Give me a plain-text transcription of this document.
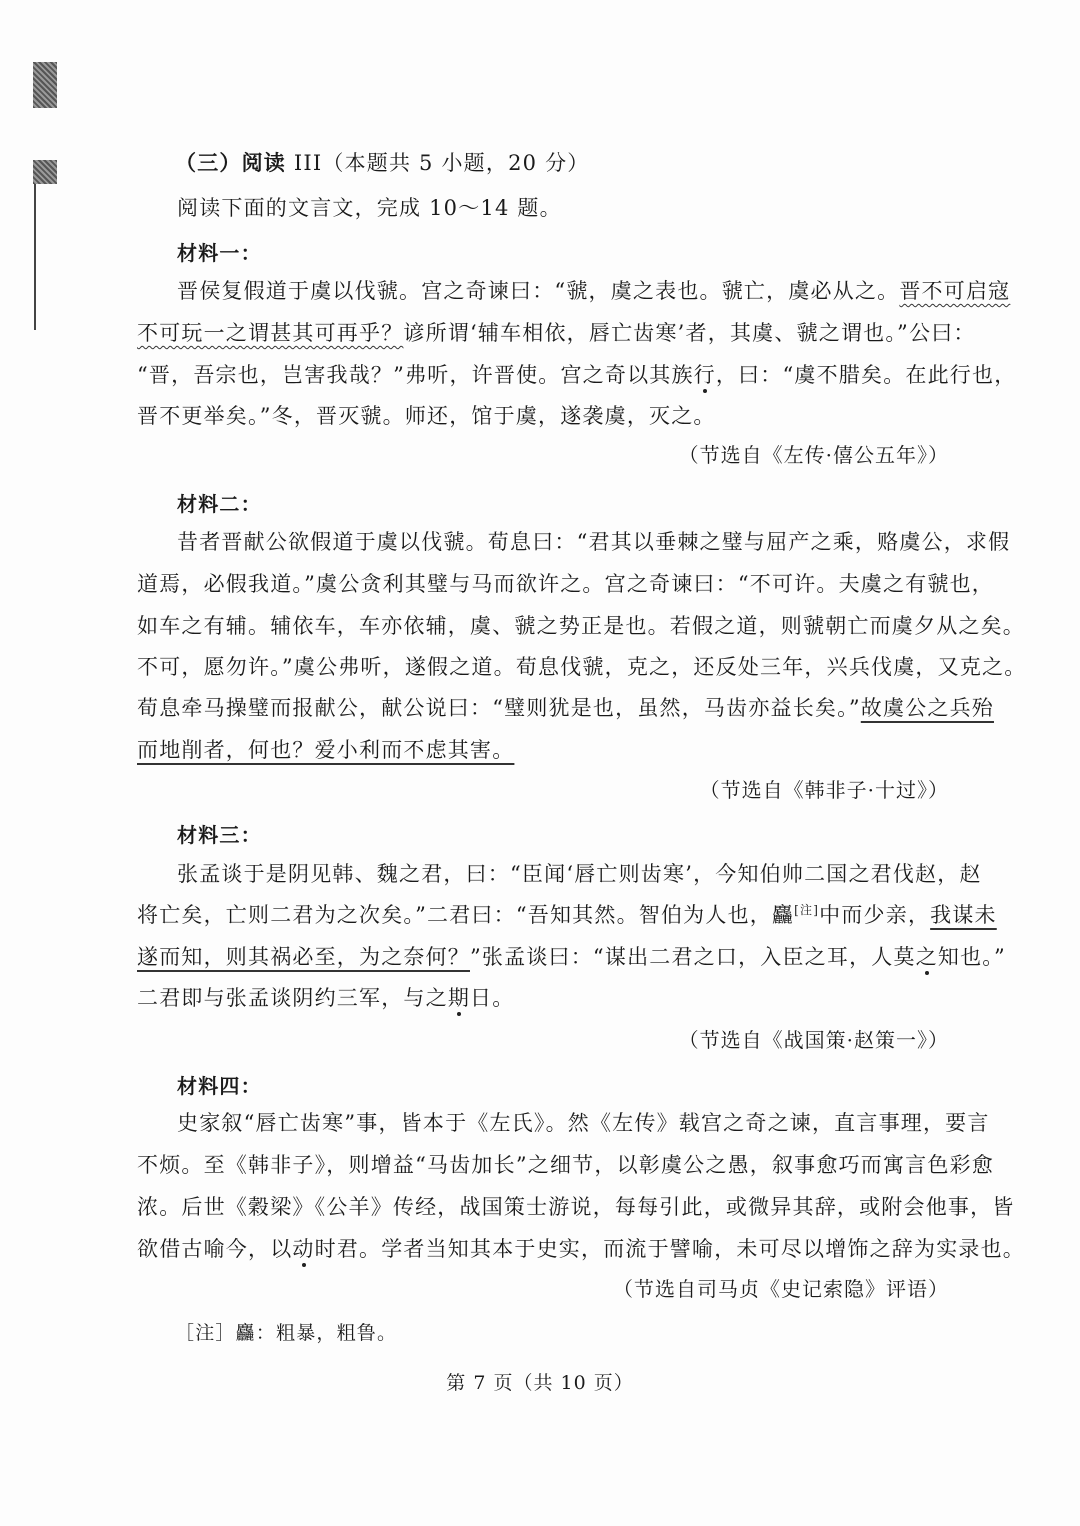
（三）阅读 III（本题共 5 小题，20 分）
阅读下面的文言文，完成 10～14 题。
材料一：
晋侯复假道于虞以伐虢。宫之奇谏曰：“虢，虞之表也。虢亡，虞必从之。晋不可启寇
不可玩一之谓甚其可再乎？谚所谓‘辅车相依，唇亡齿寒’者，其虞、虢之谓也。”公曰：
“晋，吾宗也，岂害我哉？”弗听，许晋使。宫之奇以其族行，曰：“虞不腊矣。在此行也，
晋不更举矣。”冬，晋灭虢。师还，馆于虞，遂袭虞，灭之。
（节选自《左传·僖公五年》）
材料二：
昔者晋献公欲假道于虞以伐虢。荀息曰：“君其以垂棘之璧与屈产之乘，赂虞公，求假
道焉，必假我道。”虞公贪利其璧与马而欲许之。宫之奇谏曰：“不可许。夫虞之有虢也，
如车之有辅。辅依车，车亦依辅，虞、虢之势正是也。若假之道，则虢朝亡而虞夕从之矣。
不可，愿勿许。”虞公弗听，遂假之道。荀息伐虢，克之，还反处三年，兴兵伐虞，又克之。
荀息牵马操璧而报献公，献公说曰：“璧则犹是也，虽然，马齿亦益长矣。”故虞公之兵殆
而地削者，何也？爱小利而不虑其害。
（节选自《韩非子·十过》）
材料三：
张孟谈于是阴见韩、魏之君，曰：“臣闻‘唇亡则齿寒’，今知伯帅二国之君伐赵，赵
将亡矣，亡则二君为之次矣。”二君曰：“吾知其然。智伯为人也，麤[注]中而少亲，我谋未
遂而知，则其祸必至，为之奈何？”张孟谈曰：“谋出二君之口，入臣之耳，人莫之知也。”
二君即与张孟谈阴约三军，与之期日。
（节选自《战国策·赵策一》）
材料四：
史家叙“唇亡齿寒”事，皆本于《左氏》。然《左传》载宫之奇之谏，直言事理，要言
不烦。至《韩非子》，则增益“马齿加长”之细节，以彰虞公之愚，叙事愈巧而寓言色彩愈
浓。后世《穀梁》《公羊》传经，战国策士游说，每每引此，或微异其辞，或附会他事，皆
欲借古喻今，以动时君。学者当知其本于史实，而流于譬喻，未可尽以增饰之辞为实录也。
（节选自司马贞《史记索隐》评语）
［注］麤：粗暴，粗鲁。
第 7 页（共 10 页）
